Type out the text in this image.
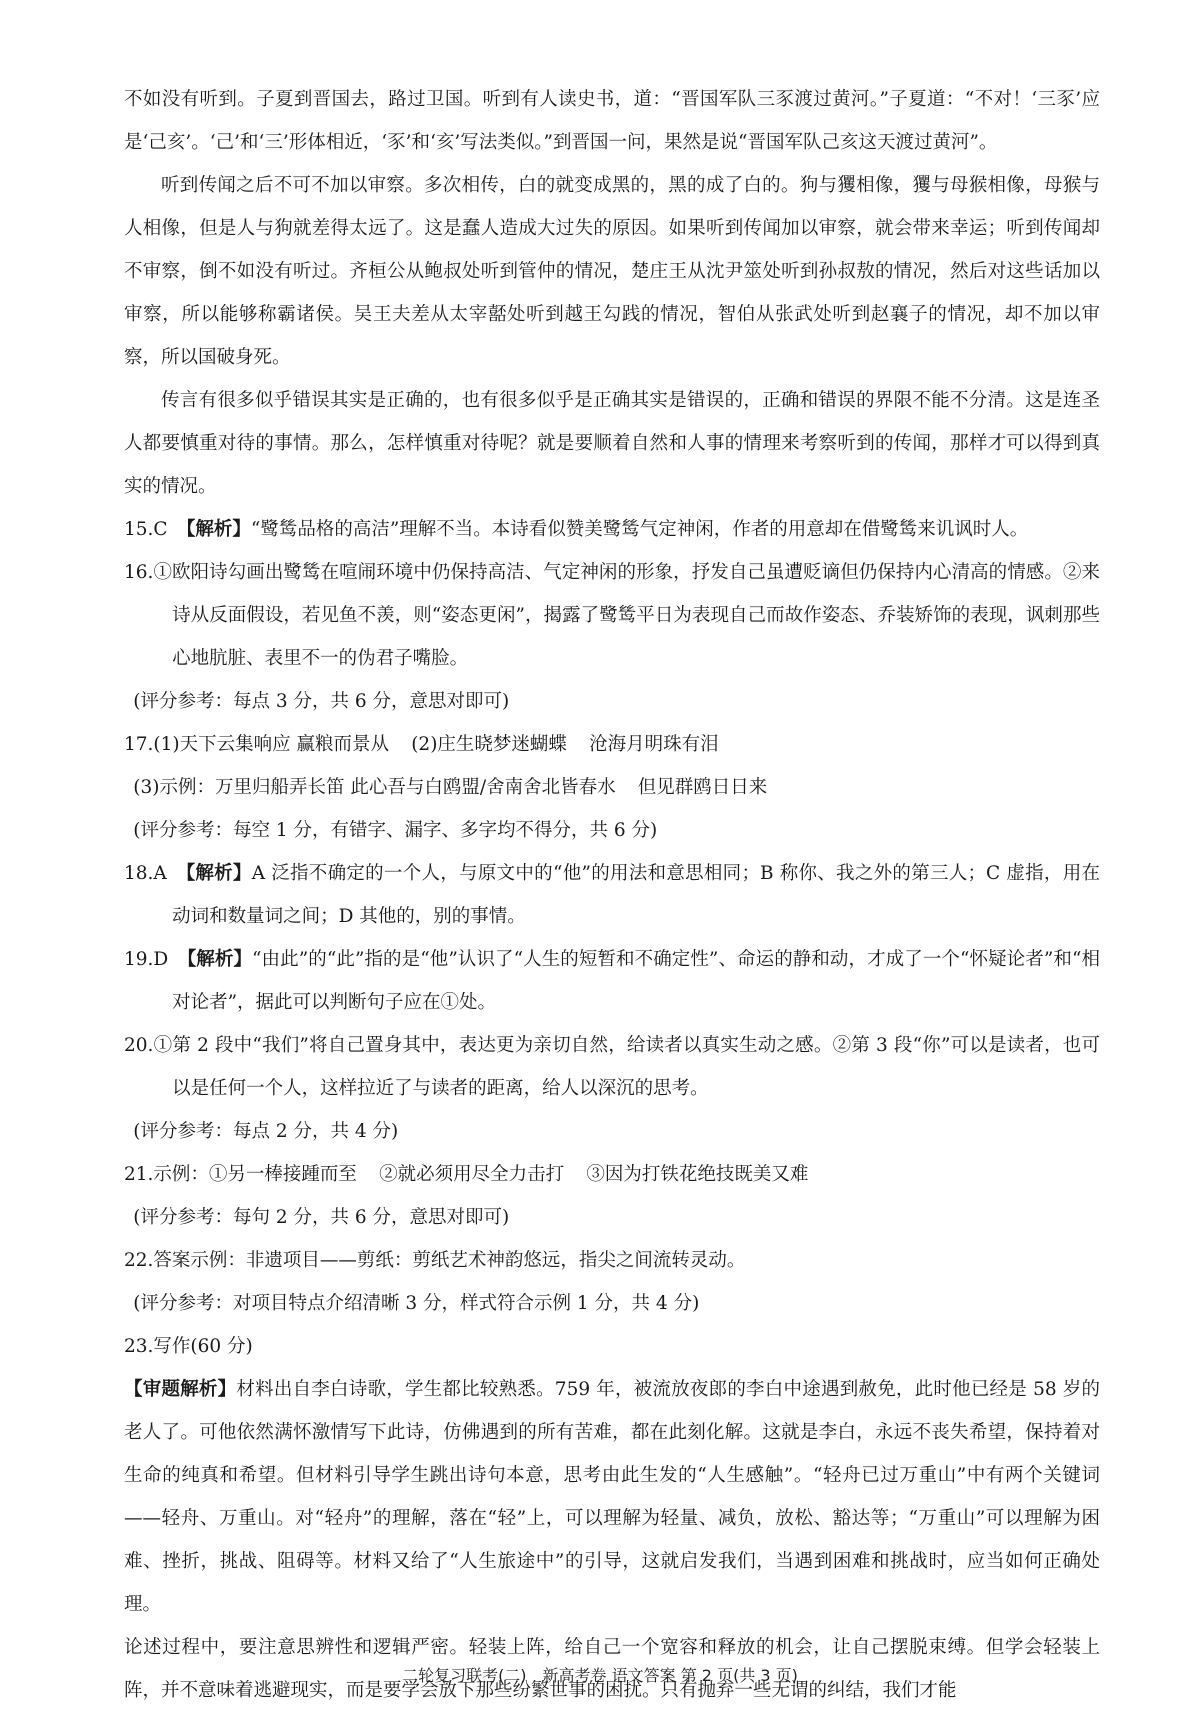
不如没有听到。子夏到晋国去，路过卫国。听到有人读史书，道：“晋国军队三豕渡过黄河。”子夏道：“不对！‘三豕’应是‘己亥’。‘己’和‘三’形体相近，‘豕’和‘亥’写法类似。”到晋国一问，果然是说“晋国军队己亥这天渡过黄河”。

听到传闻之后不可不加以审察。多次相传，白的就变成黑的，黑的成了白的。狗与玃相像，玃与母猴相像，母猴与人相像，但是人与狗就差得太远了。这是蠢人造成大过失的原因。如果听到传闻加以审察，就会带来幸运；听到传闻却不审察，倒不如没有听过。齐桓公从鲍叔处听到管仲的情况，楚庄王从沈尹筮处听到孙叔敖的情况，然后对这些话加以审察，所以能够称霸诸侯。吴王夫差从太宰嚭处听到越王勾践的情况，智伯从张武处听到赵襄子的情况，却不加以审察，所以国破身死。

传言有很多似乎错误其实是正确的，也有很多似乎是正确其实是错误的，正确和错误的界限不能不分清。这是连圣人都要慎重对待的事情。那么，怎样慎重对待呢？就是要顺着自然和人事的情理来考察听到的传闻，那样才可以得到真实的情况。

15.C　 【解析】“鹭鸶品格的高洁”理解不当。本诗看似赞美鹭鸶气定神闲，作者的用意却在借鹭鸶来讥讽时人。

16.①欧阳诗勾画出鹭鸶在喧闹环境中仍保持高洁、气定神闲的形象，抒发自己虽遭贬谪但仍保持内心清高的情感。②来诗从反面假设，若见鱼不羡，则“姿态更闲”，揭露了鹭鸶平日为表现自己而故作姿态、乔装矫饰的表现，讽刺那些心地肮脏、表里不一的伪君子嘴脸。

(评分参考：每点 3 分，共 6 分，意思对即可)

17.(1)天下云集响应 赢粮而景从 (2)庄生晓梦迷蝴蝶 沧海月明珠有泪

(3)示例：万里归船弄长笛 此心吾与白鸥盟/舍南舍北皆春水 但见群鸥日日来

(评分参考：每空 1 分，有错字、漏字、多字均不得分，共 6 分)

18.A　 【解析】A 泛指不确定的一个人，与原文中的“他”的用法和意思相同；B 称你、我之外的第三人；C 虚指，用在动词和数量词之间；D 其他的，别的事情。

19.D　 【解析】“由此”的“此”指的是“他”认识了“人生的短暂和不确定性”、命运的静和动，才成了一个“怀疑论者”和“相对论者”，据此可以判断句子应在①处。

20.①第 2 段中“我们”将自己置身其中，表达更为亲切自然，给读者以真实生动之感。②第 3 段“你”可以是读者，也可以是任何一个人，这样拉近了与读者的距离，给人以深沉的思考。

(评分参考：每点 2 分，共 4 分)

21.示例：①另一棒接踵而至 ②就必须用尽全力击打 ③因为打铁花绝技既美又难

(评分参考：每句 2 分，共 6 分，意思对即可)

22.答案示例：非遗项目——剪纸：剪纸艺术神韵悠远，指尖之间流转灵动。

(评分参考：对项目特点介绍清晰 3 分，样式符合示例 1 分，共 4 分)

23.写作(60 分)

【审题解析】材料出自李白诗歌，学生都比较熟悉。759 年，被流放夜郎的李白中途遇到赦免，此时他已经是 58 岁的老人了。可他依然满怀激情写下此诗，仿佛遇到的所有苦难，都在此刻化解。这就是李白，永远不丧失希望，保持着对生命的纯真和希望。但材料引导学生跳出诗句本意，思考由此生发的“人生感触”。“轻舟已过万重山”中有两个关键词——轻舟、万重山。对“轻舟”的理解，落在“轻”上，可以理解为轻量、减负，放松、豁达等；“万重山”可以理解为困难、挫折，挑战、阻碍等。材料又给了“人生旅途中”的引导，这就启发我们，当遇到困难和挑战时，应当如何正确处理。

论述过程中，要注意思辨性和逻辑严密。轻装上阵，给自己一个宽容和释放的机会，让自己摆脱束缚。但学会轻装上阵，并不意味着逃避现实，而是要学会放下那些纷繁世事的困扰。只有抛弃一些无谓的纠结，我们才能

二轮复习联考(二)　新高考卷 语文答案 第 2 页(共 3 页)
